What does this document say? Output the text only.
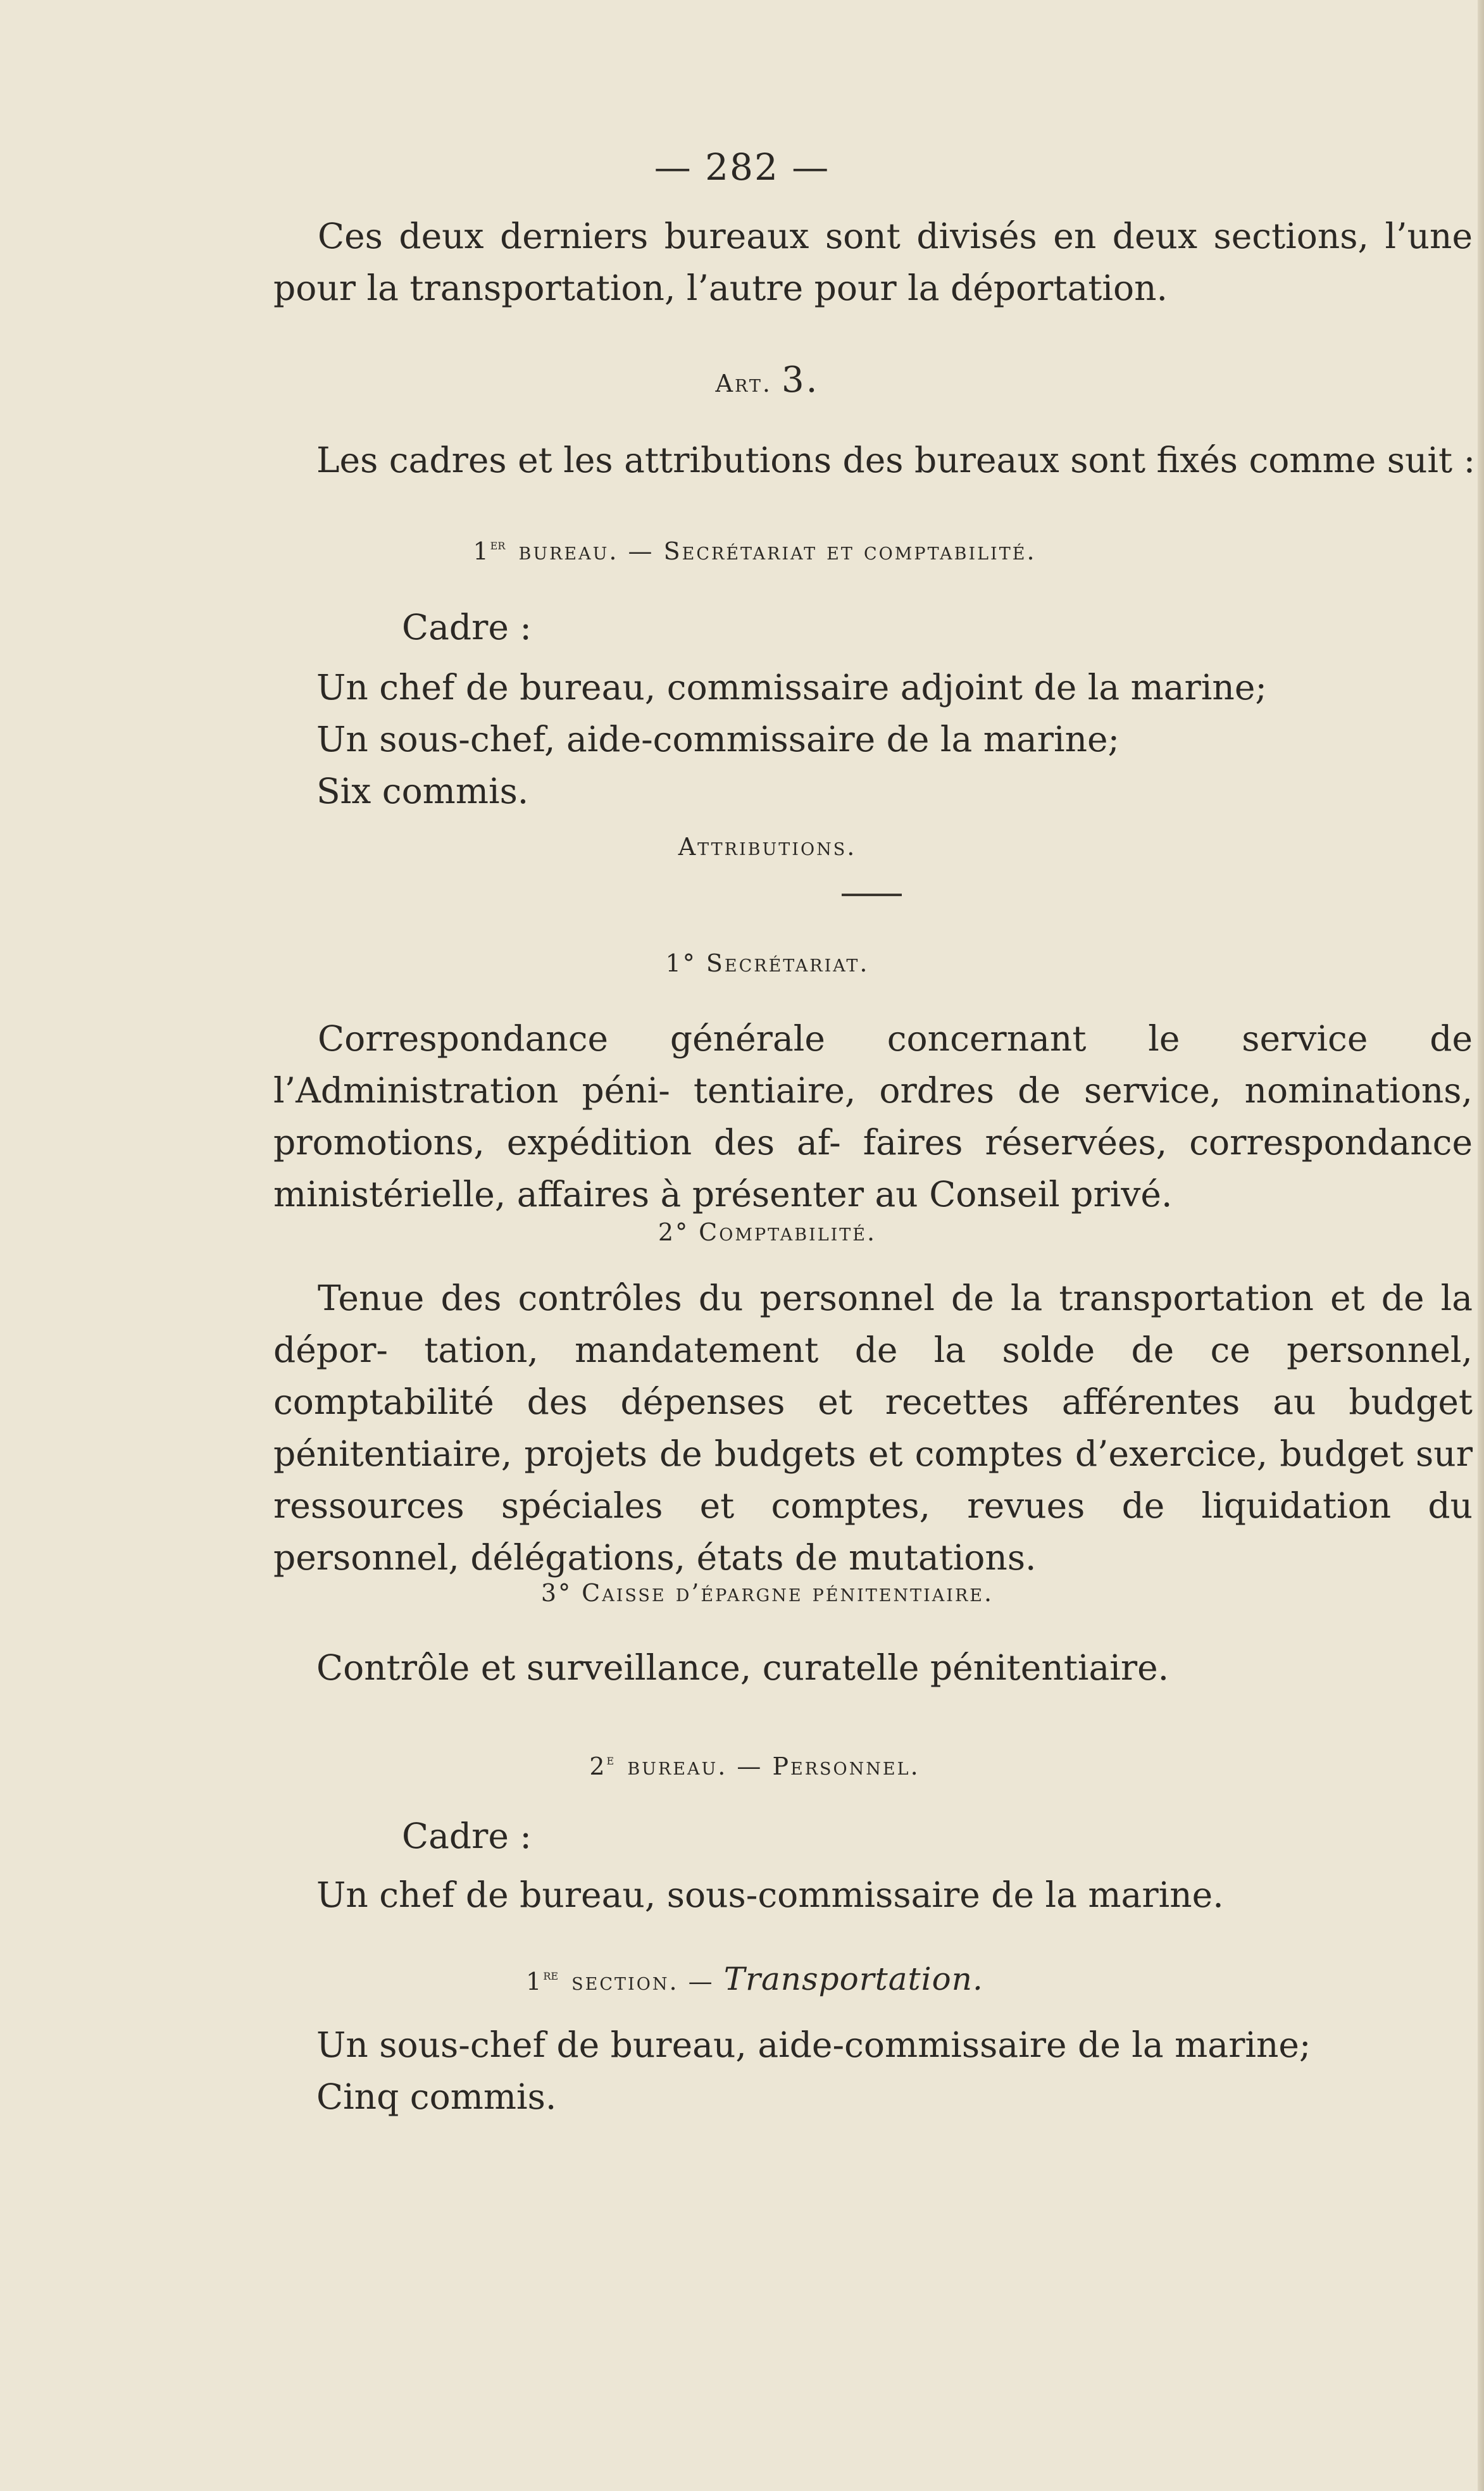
— 282 —

Ces deux derniers bureaux sont divisés en deux sections, l’une pour la transportation, l’autre pour la déportation.

Art. 3.
Les cadres et les attributions des bureaux sont fixés comme suit :
1er bureau. — Secrétariat et comptabilité.
Cadre :
Un chef de bureau, commissaire adjoint de la marine;
Un sous-chef, aide-commissaire de la marine;
Six commis.
Attributions.
1° Secrétariat.

Correspondance générale concernant le service de l’Administration péni- tentiaire, ordres de service, nominations, promotions, expédition des af- faires réservées, correspondance ministérielle, affaires à présenter au Conseil privé.

2° Comptabilité.

Tenue des contrôles du personnel de la transportation et de la dépor- tation, mandatement de la solde de ce personnel, comptabilité des dépenses et recettes afférentes au budget pénitentiaire, projets de budgets et comptes d’exercice, budget sur ressources spéciales et comptes, revues de liquidation du personnel, délégations, états de mutations.

3° Caisse d’épargne pénitentiaire.
Contrôle et surveillance, curatelle pénitentiaire.
2e bureau. — Personnel.
Cadre :
Un chef de bureau, sous-commissaire de la marine.
1re section. — Transportation.
Un sous-chef de bureau, aide-commissaire de la marine;
Cinq commis.
